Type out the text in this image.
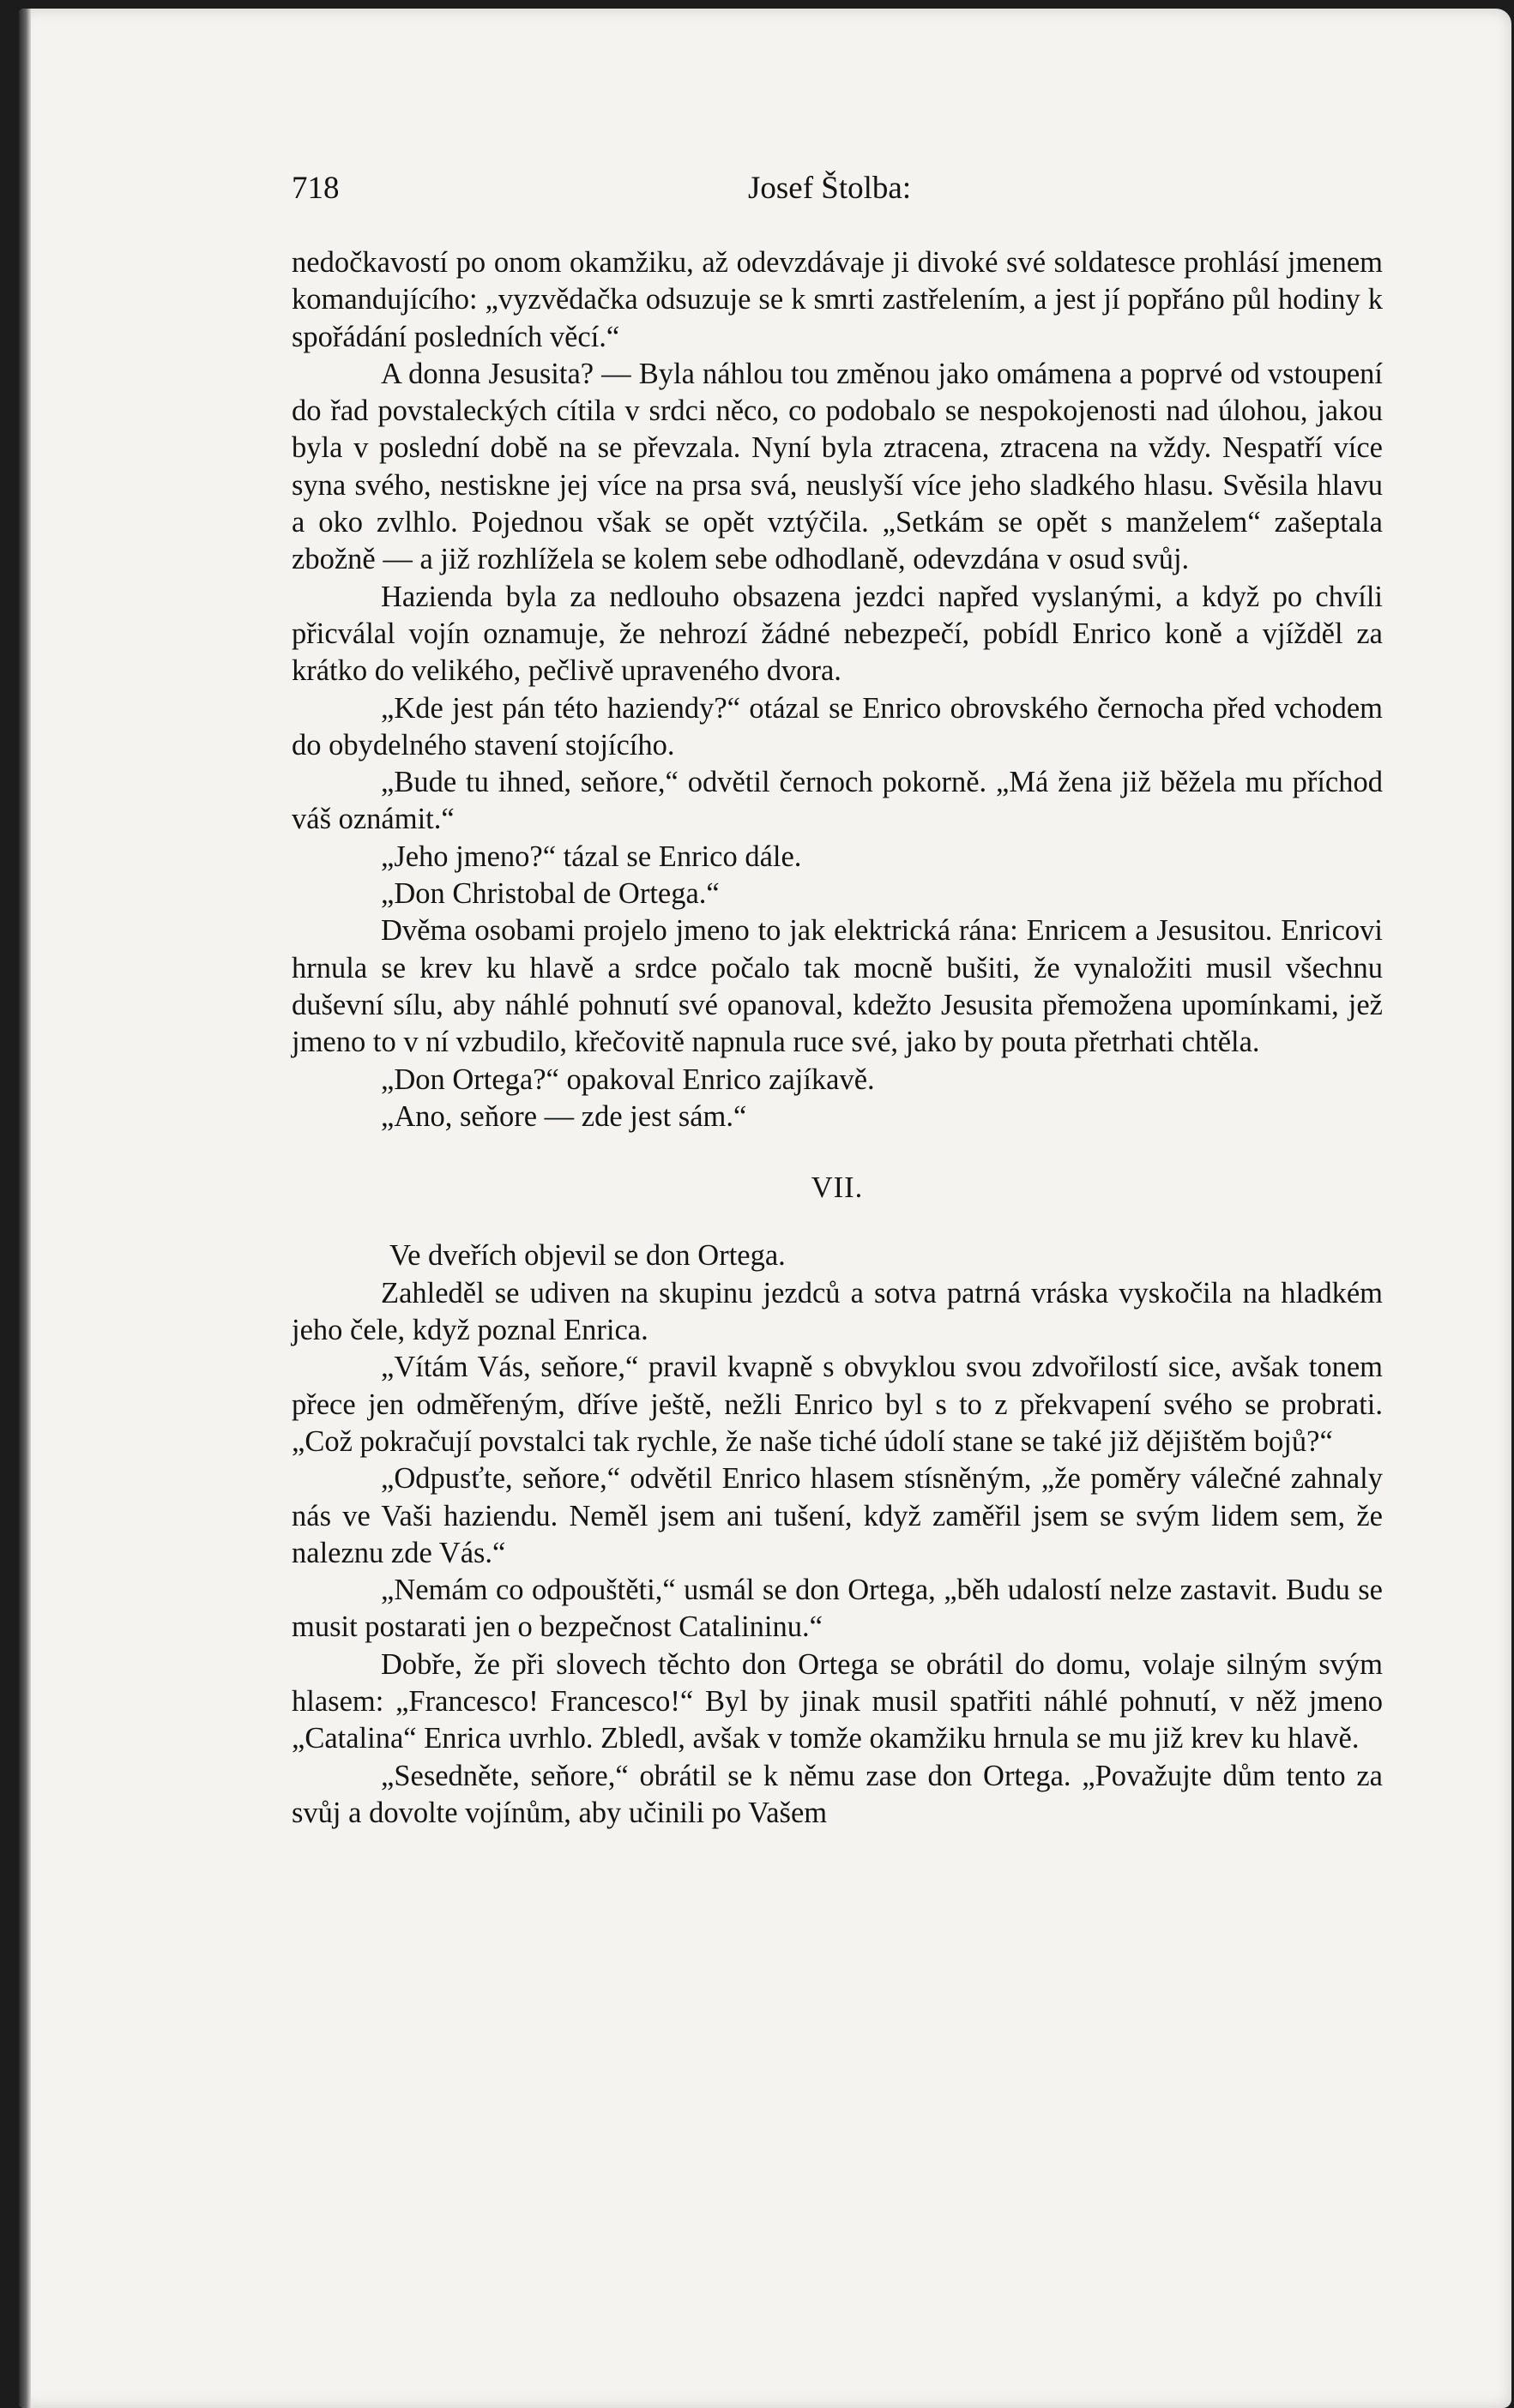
718	Josef Štolba:

nedočkavostí po onom okamžiku, až odevzdávaje ji divoké své soldatesce prohlásí jmenem komandujícího: „vyzvědačka odsuzuje se k smrti zastřelením, a jest jí popřáno půl hodiny k spořádání posledních věcí.“

A donna Jesusita? — Byla náhlou tou změnou jako omámena a poprvé od vstoupení do řad povstaleckých cítila v srdci něco, co podobalo se nespokojenosti nad úlohou, jakou byla v poslední době na se převzala. Nyní byla ztracena, ztracena na vždy. Nespatří více syna svého, nestiskne jej více na prsa svá, neuslyší více jeho sladkého hlasu. Svěsila hlavu a oko zvlhlo. Pojednou však se opět vztýčila. „Setkám se opět s manželem“ zašeptala zbožně — a již rozhlížela se kolem sebe odhodlaně, odevzdána v osud svůj.

Hazienda byla za nedlouho obsazena jezdci napřed vyslanými, a když po chvíli přicválal vojín oznamuje, že nehrozí žádné nebezpečí, pobídl Enrico koně a vjížděl za krátko do velikého, pečlivě upraveného dvora.

„Kde jest pán této haziendy?“ otázal se Enrico obrovského černocha před vchodem do obydelného stavení stojícího.

„Bude tu ihned, seňore,“ odvětil černoch pokorně. „Má žena již běžela mu příchod váš oznámit.“

„Jeho jmeno?“ tázal se Enrico dále.

„Don Christobal de Ortega.“

Dvěma osobami projelo jmeno to jak elektrická rána: Enricem a Jesusitou. Enricovi hrnula se krev ku hlavě a srdce počalo tak mocně bušiti, že vynaložiti musil všechnu duševní sílu, aby náhlé pohnutí své opanoval, kdežto Jesusita přemožena upomínkami, jež jmeno to v ní vzbudilo, křečovitě napnula ruce své, jako by pouta přetrhati chtěla.

„Don Ortega?“ opakoval Enrico zajíkavě.

„Ano, seňore — zde jest sám.“

VII.

Ve dveřích objevil se don Ortega.

Zahleděl se udiven na skupinu jezdců a sotva patrná vráska vyskočila na hladkém jeho čele, když poznal Enrica.

„Vítám Vás, seňore,“ pravil kvapně s obvyklou svou zdvořilostí sice, avšak tonem přece jen odměřeným, dříve ještě, nežli Enrico byl s to z překvapení svého se probrati. „Což pokračují povstalci tak rychle, že naše tiché údolí stane se také již dějištěm bojů?“

„Odpusťte, seňore,“ odvětil Enrico hlasem stísněným, „že poměry válečné zahnaly nás ve Vaši haziendu. Neměl jsem ani tušení, když zaměřil jsem se svým lidem sem, že naleznu zde Vás.“

„Nemám co odpouštěti,“ usmál se don Ortega, „běh udalostí nelze zastavit. Budu se musit postarati jen o bezpečnost Catalininu.“

Dobře, že při slovech těchto don Ortega se obrátil do domu, volaje silným svým hlasem: „Francesco! Francesco!“ Byl by jinak musil spatřiti náhlé pohnutí, v něž jmeno „Catalina“ Enrica uvrhlo. Zbledl, avšak v tomže okamžiku hrnula se mu již krev ku hlavě.

„Sesedněte, seňore,“ obrátil se k němu zase don Ortega. „Považujte dům tento za svůj a dovolte vojínům, aby učinili po Vašem
